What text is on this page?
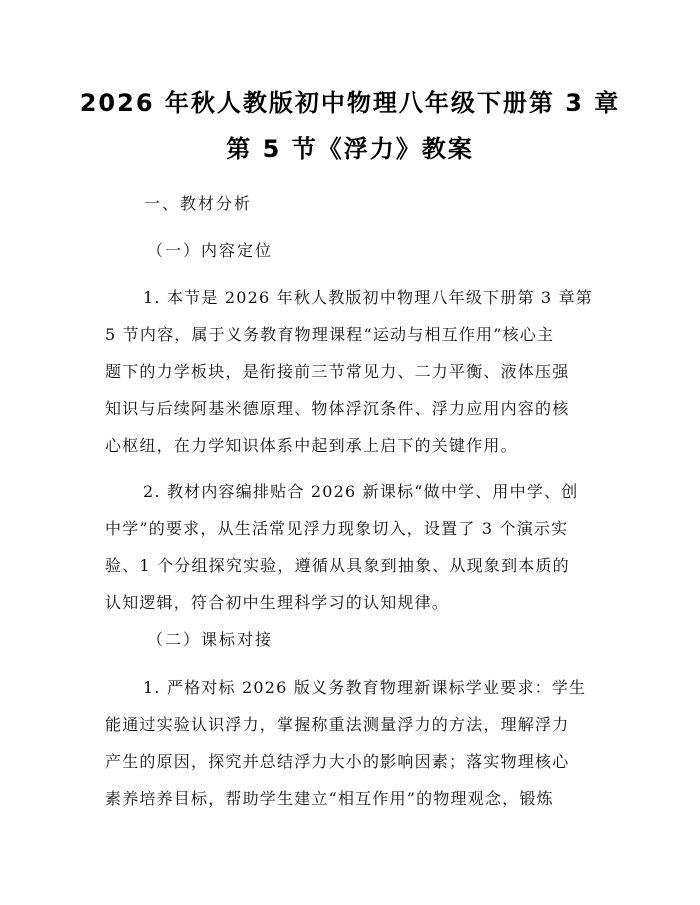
2026 年秋人教版初中物理八年级下册第 3 章
第 5 节《浮力》教案
一、教材分析
（一）内容定位
1. 本节是 2026 年秋人教版初中物理八年级下册第 3 章第
5 节内容，属于义务教育物理课程“运动与相互作用”核心主
题下的力学板块，是衔接前三节常见力、二力平衡、液体压强
知识与后续阿基米德原理、物体浮沉条件、浮力应用内容的核
心枢纽，在力学知识体系中起到承上启下的关键作用。
2. 教材内容编排贴合 2026 新课标“做中学、用中学、创
中学”的要求，从生活常见浮力现象切入，设置了 3 个演示实
验、1 个分组探究实验，遵循从具象到抽象、从现象到本质的
认知逻辑，符合初中生理科学习的认知规律。
（二）课标对接
1. 严格对标 2026 版义务教育物理新课标学业要求：学生
能通过实验认识浮力，掌握称重法测量浮力的方法，理解浮力
产生的原因，探究并总结浮力大小的影响因素；落实物理核心
素养培养目标，帮助学生建立“相互作用”的物理观念，锻炼
